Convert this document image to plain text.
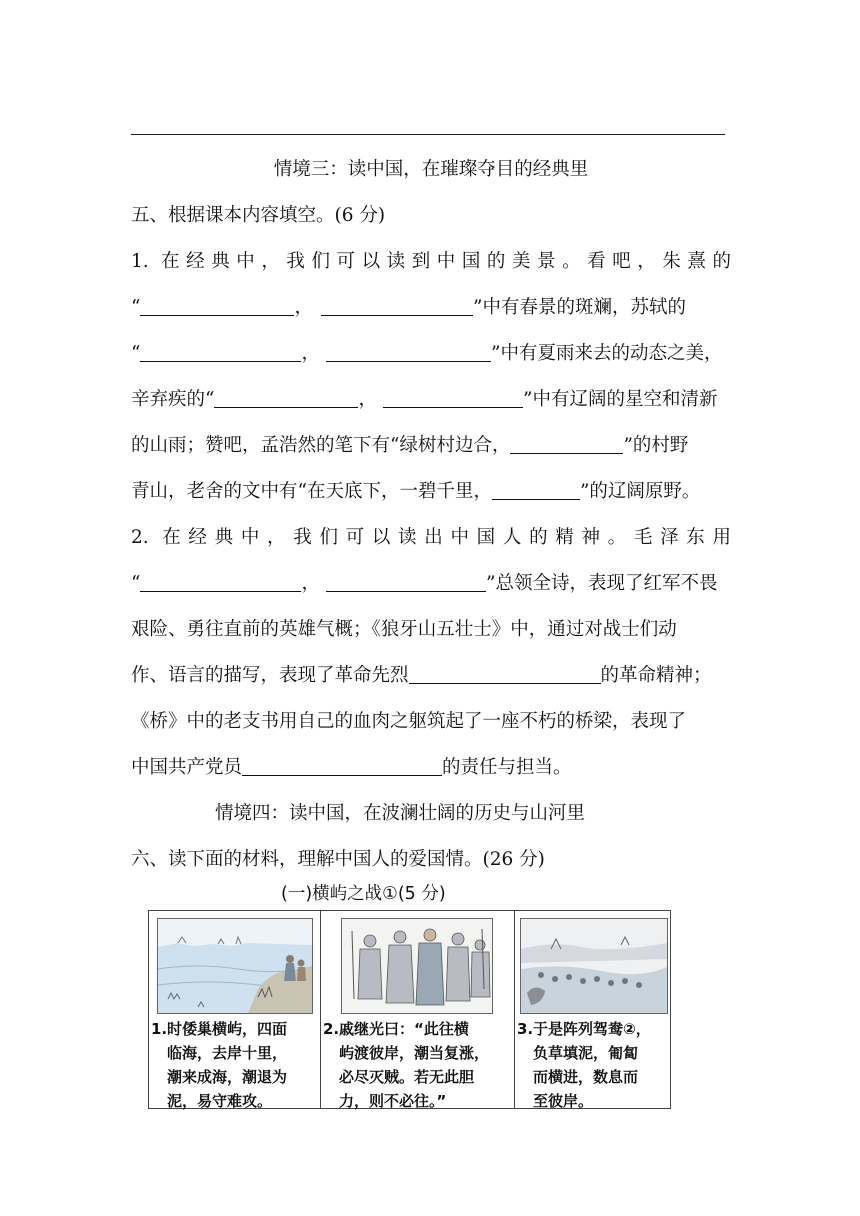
情境三：读中国，在璀璨夺目的经典里
五、根据课本内容填空。(6 分)
1. 在经典中，我们可以读到中国的美景。看吧，朱熹的
“	，	”中有春景的斑斓，苏轼的
“	，	”中有夏雨来去的动态之美，
辛弃疾的“	，	”中有辽阔的星空和清新
的山雨；赞吧，孟浩然的笔下有“绿树村边合，	”的村野
青山，老舍的文中有“在天底下，一碧千里，	”的辽阔原野。
2. 在经典中，我们可以读出中国人的精神。毛泽东用
“	，	”总领全诗，表现了红军不畏
艰险、勇往直前的英雄气概；《狼牙山五壮士》中，通过对战士们动
作、语言的描写，表现了革命先烈	的革命精神；
《桥》中的老支书用自己的血肉之躯筑起了一座不朽的桥梁，表现了
中国共产党员	的责任与担当。
情境四：读中国，在波澜壮阔的历史与山河里
六、读下面的材料，理解中国人的爱国情。(26 分)
(一)横屿之战①(5 分)
1.时倭巢横屿，四面
临海，去岸十里，
潮来成海，潮退为
泥，易守难攻。
2.戚继光曰：“此往横
屿渡彼岸，潮当复涨，
必尽灭贼。若无此胆
力，则不必往。”
3.于是阵列驾鸯②，
负草填泥，匍匐
而横进，数息而
至彼岸。
